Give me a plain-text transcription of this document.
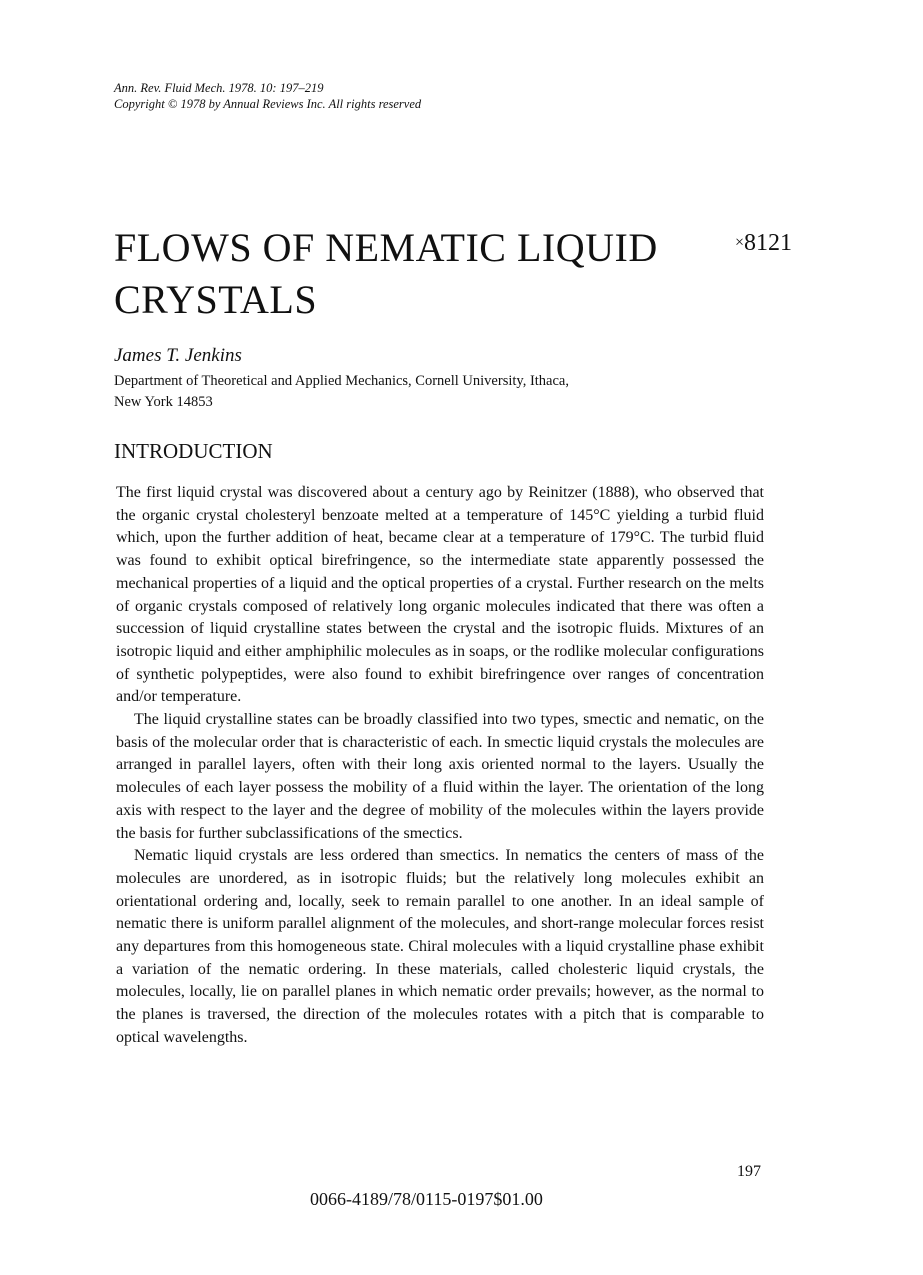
Ann. Rev. Fluid Mech. 1978. 10: 197–219
Copyright © 1978 by Annual Reviews Inc. All rights reserved
FLOWS OF NEMATIC LIQUID
CRYSTALS
×8121
James T. Jenkins
Department of Theoretical and Applied Mechanics, Cornell University, Ithaca,
New York 14853
INTRODUCTION

The first liquid crystal was discovered about a century ago by Reinitzer (1888), who observed that the organic crystal cholesteryl benzoate melted at a temperature of 145°C yielding a turbid fluid which, upon the further addition of heat, became clear at a temperature of 179°C. The turbid fluid was found to exhibit optical birefringence, so the intermediate state apparently possessed the mechanical properties of a liquid and the optical properties of a crystal. Further research on the melts of organic crystals composed of relatively long organic molecules indicated that there was often a succession of liquid crystalline states between the crystal and the isotropic fluids. Mixtures of an isotropic liquid and either amphiphilic molecules as in soaps, or the rodlike molecular configurations of synthetic polypeptides, were also found to exhibit birefringence over ranges of concentration and/or temperature.

The liquid crystalline states can be broadly classified into two types, smectic and nematic, on the basis of the molecular order that is characteristic of each. In smectic liquid crystals the molecules are arranged in parallel layers, often with their long axis oriented normal to the layers. Usually the molecules of each layer possess the mobility of a fluid within the layer. The orientation of the long axis with respect to the layer and the degree of mobility of the molecules within the layers provide the basis for further subclassifications of the smectics.

Nematic liquid crystals are less ordered than smectics. In nematics the centers of mass of the molecules are unordered, as in isotropic fluids; but the relatively long molecules exhibit an orientational ordering and, locally, seek to remain parallel to one another. In an ideal sample of nematic there is uniform parallel alignment of the molecules, and short-range molecular forces resist any departures from this homogeneous state. Chiral molecules with a liquid crystalline phase exhibit a variation of the nematic ordering. In these materials, called cholesteric liquid crystals, the molecules, locally, lie on parallel planes in which nematic order prevails; however, as the normal to the planes is traversed, the direction of the molecules rotates with a pitch that is comparable to optical wavelengths.

197
0066-4189/78/0115-0197$01.00
